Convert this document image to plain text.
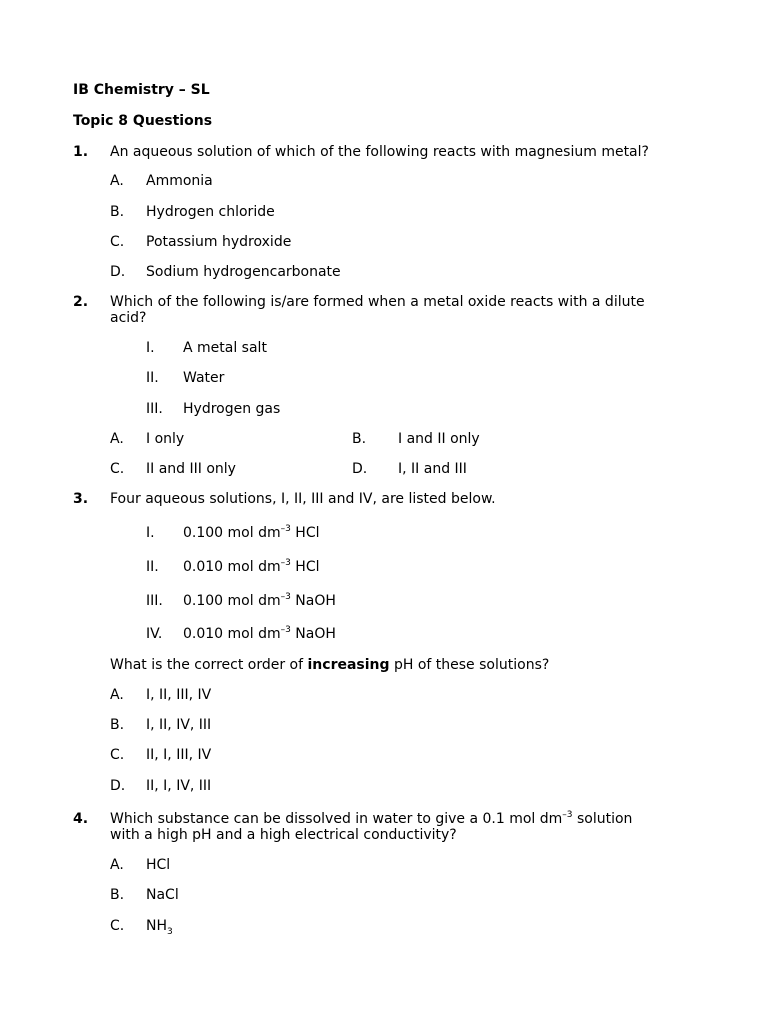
IB Chemistry – SL
Topic 8 Questions
1. An aqueous solution of which of the following reacts with magnesium metal?
A. Ammonia
B. Hydrogen chloride
C. Potassium hydroxide
D. Sodium hydrogencarbonate
2. Which of the following is/are formed when a metal oxide reacts with a dilute acid?
I. A metal salt
II. Water
III. Hydrogen gas
A. I only	B. I and II only
C. II and III only	D. I, II and III
3. Four aqueous solutions, I, II, III and IV, are listed below.
I. 0.100 mol $dm^{-3}$ HCl
II. 0.010 mol $dm^{-3}$ HCl
III. 0.100 mol $dm^{-3}$ NaOH
IV. 0.010 mol $dm^{-3}$ NaOH
What is the correct order of increasing pH of these solutions?
A. I, II, III, IV
B. I, II, IV, III
C. II, I, III, IV
D. II, I, IV, III
4. Which substance can be dissolved in water to give a 0.1 mol $dm^{-3}$ solution with a high pH and a high electrical conductivity?
A. HCl
B. NaCl
C. $NH_3$
